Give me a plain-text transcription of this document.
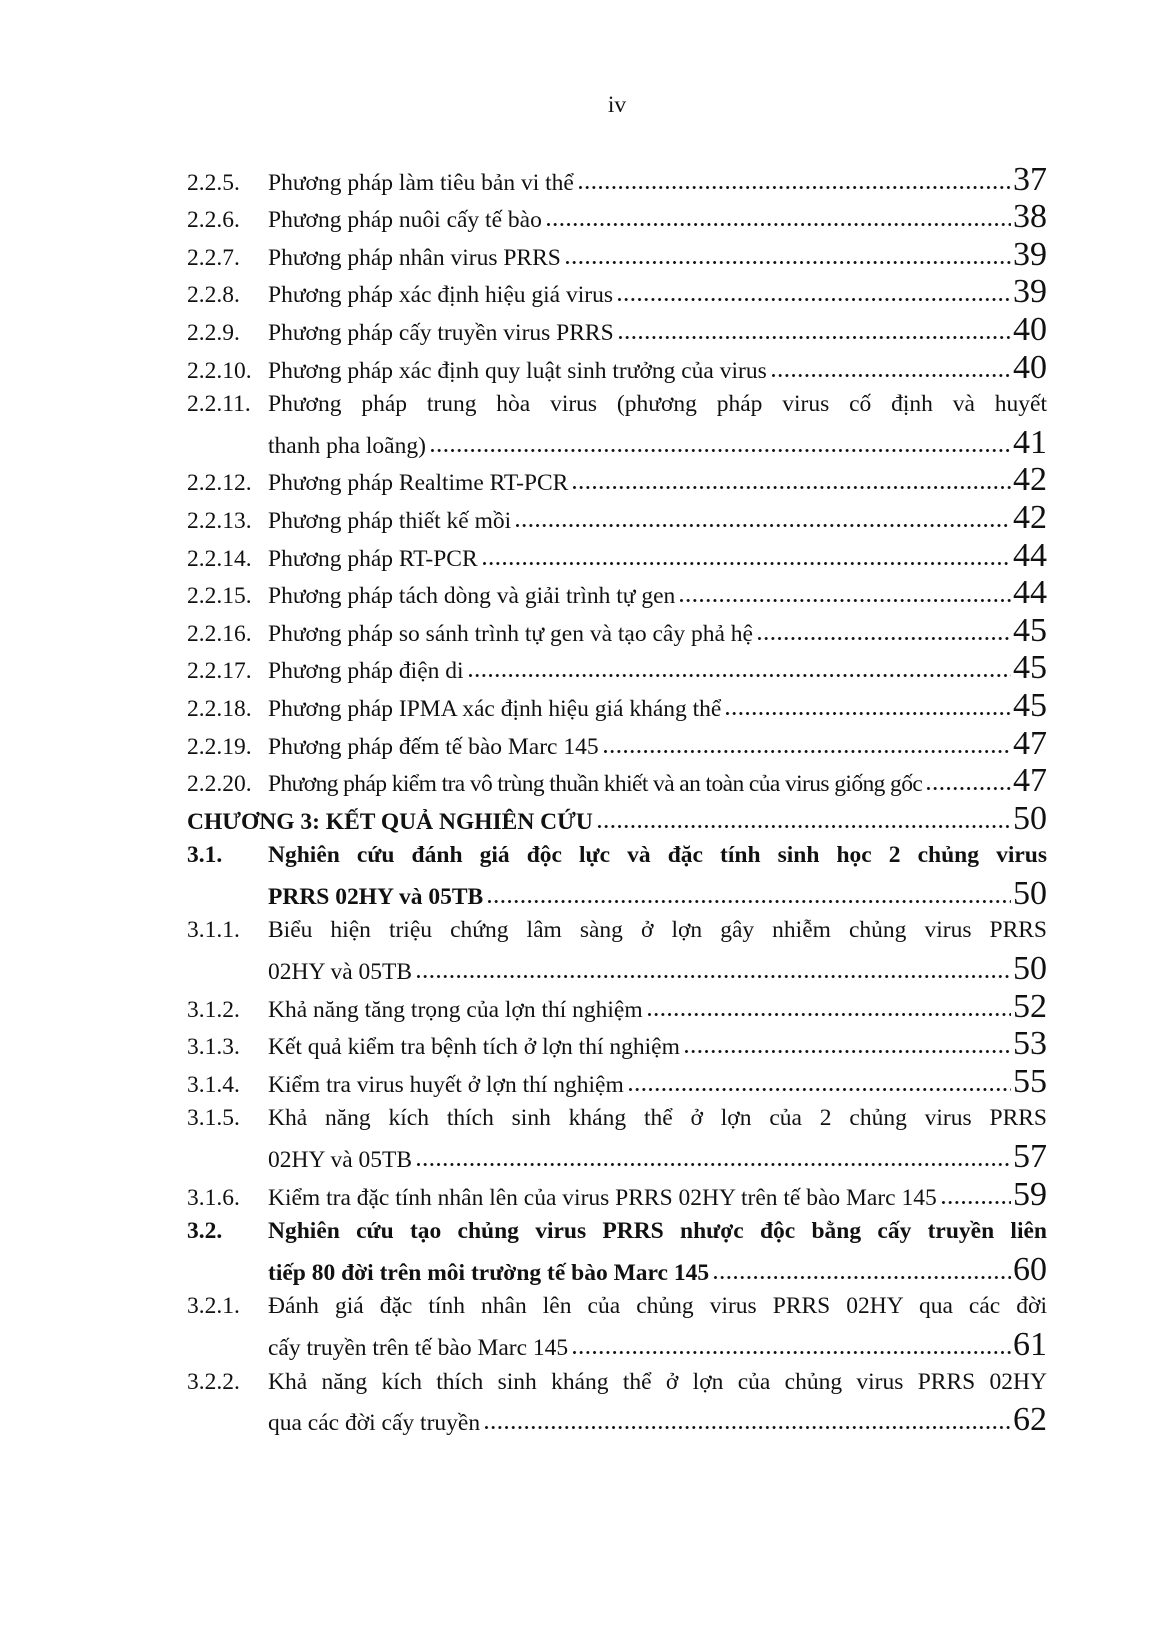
iv
2.2.5.	Phương pháp làm tiêu bản vi thể	37
2.2.6.	Phương pháp nuôi cấy tế bào	38
2.2.7.	Phương pháp nhân virus PRRS	39
2.2.8.	Phương pháp xác định hiệu giá virus	39
2.2.9.	Phương pháp cấy truyền virus PRRS	40
2.2.10. Phương pháp xác định quy luật sinh trưởng của virus	40
2.2.11. Phương pháp trung hòa virus (phương pháp virus cố định và huyết
thanh pha loãng)	41
2.2.12. Phương pháp Realtime RT-PCR	42
2.2.13. Phương pháp thiết kế mồi	42
2.2.14. Phương pháp RT-PCR	44
2.2.15. Phương pháp tách dòng và giải trình tự gen	44
2.2.16. Phương pháp so sánh trình tự gen và tạo cây phả hệ	45
2.2.17. Phương pháp điện di	45
2.2.18. Phương pháp IPMA xác định hiệu giá kháng thể	45
2.2.19. Phương pháp đếm tế bào Marc 145	47
2.2.20. Phương pháp kiểm tra vô trùng thuần khiết và an toàn của virus giống gốc	47
CHƯƠNG 3: KẾT QUẢ NGHIÊN CỨU	50
3.1.	Nghiên cứu đánh giá độc lực và đặc tính sinh học 2 chủng virus
PRRS 02HY và 05TB	50
3.1.1.	Biểu hiện triệu chứng lâm sàng ở lợn gây nhiễm chủng virus PRRS
02HY và 05TB	50
3.1.2.	Khả năng tăng trọng của lợn thí nghiệm	52
3.1.3.	Kết quả kiểm tra bệnh tích ở lợn thí nghiệm	53
3.1.4.	Kiểm tra virus huyết ở lợn thí nghiệm	55
3.1.5.	Khả năng kích thích sinh kháng thể ở lợn của 2 chủng virus PRRS
02HY và 05TB	57
3.1.6.	Kiểm tra đặc tính nhân lên của virus PRRS 02HY trên tế bào Marc 145 59
3.2.	Nghiên cứu tạo chủng virus PRRS nhược độc bằng cấy truyền liên
tiếp 80 đời trên môi trường tế bào Marc 145	60
3.2.1.	Đánh giá đặc tính nhân lên của chủng virus PRRS 02HY qua các đời
cấy truyền trên tế bào Marc 145	61
3.2.2.	Khả năng kích thích sinh kháng thể ở lợn của chủng virus PRRS 02HY
qua các đời cấy truyền	62
